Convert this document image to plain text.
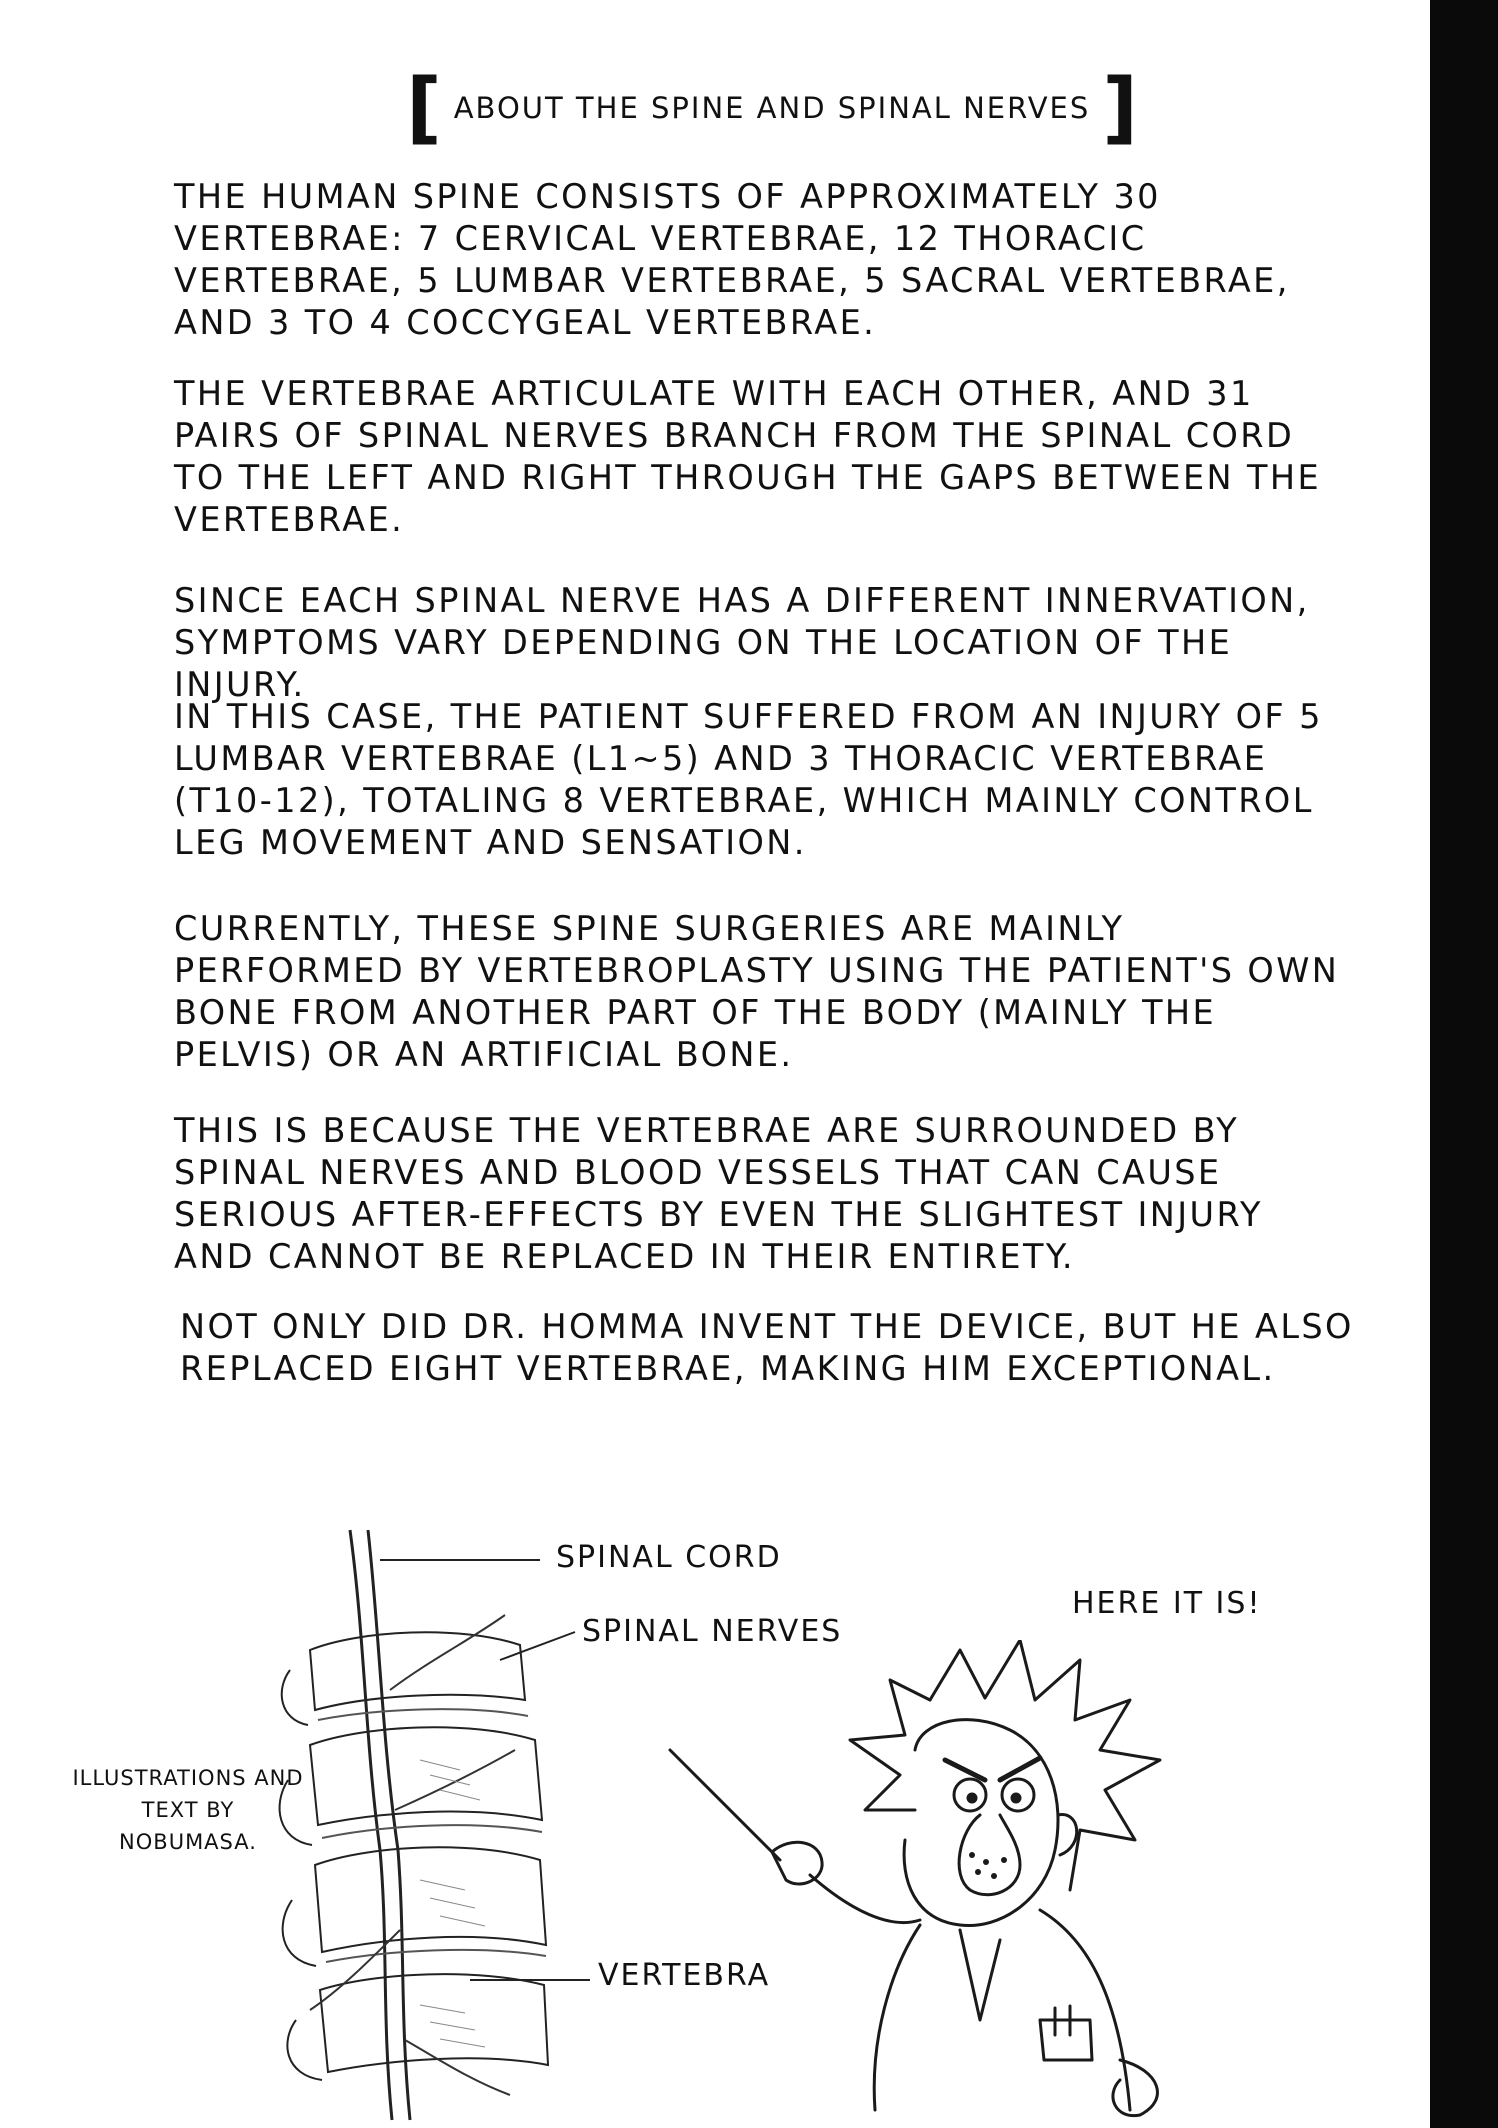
[ ABOUT THE SPINE AND SPINAL NERVES ]

THE HUMAN SPINE CONSISTS OF APPROXIMATELY 30 VERTEBRAE: 7 CERVICAL VERTEBRAE, 12 THORACIC VERTEBRAE, 5 LUMBAR VERTEBRAE, 5 SACRAL VERTEBRAE, AND 3 TO 4 COCCYGEAL VERTEBRAE.

THE VERTEBRAE ARTICULATE WITH EACH OTHER, AND 31 PAIRS OF SPINAL NERVES BRANCH FROM THE SPINAL CORD TO THE LEFT AND RIGHT THROUGH THE GAPS BETWEEN THE VERTEBRAE.

SINCE EACH SPINAL NERVE HAS A DIFFERENT INNERVATION, SYMPTOMS VARY DEPENDING ON THE LOCATION OF THE INJURY.

IN THIS CASE, THE PATIENT SUFFERED FROM AN INJURY OF 5 LUMBAR VERTEBRAE (L1~5) AND 3 THORACIC VERTEBRAE (T10-12), TOTALING 8 VERTEBRAE, WHICH MAINLY CONTROL LEG MOVEMENT AND SENSATION.

CURRENTLY, THESE SPINE SURGERIES ARE MAINLY PERFORMED BY VERTEBROPLASTY USING THE PATIENT'S OWN BONE FROM ANOTHER PART OF THE BODY (MAINLY THE PELVIS) OR AN ARTIFICIAL BONE.

THIS IS BECAUSE THE VERTEBRAE ARE SURROUNDED BY SPINAL NERVES AND BLOOD VESSELS THAT CAN CAUSE SERIOUS AFTER-EFFECTS BY EVEN THE SLIGHTEST INJURY AND CANNOT BE REPLACED IN THEIR ENTIRETY.

NOT ONLY DID DR. HOMMA INVENT THE DEVICE, BUT HE ALSO REPLACED EIGHT VERTEBRAE, MAKING HIM EXCEPTIONAL.

SPINAL CORD
SPINAL NERVES
VERTEBRA
ILLUSTRATIONS AND TEXT BY NOBUMASA.
HERE IT IS!
